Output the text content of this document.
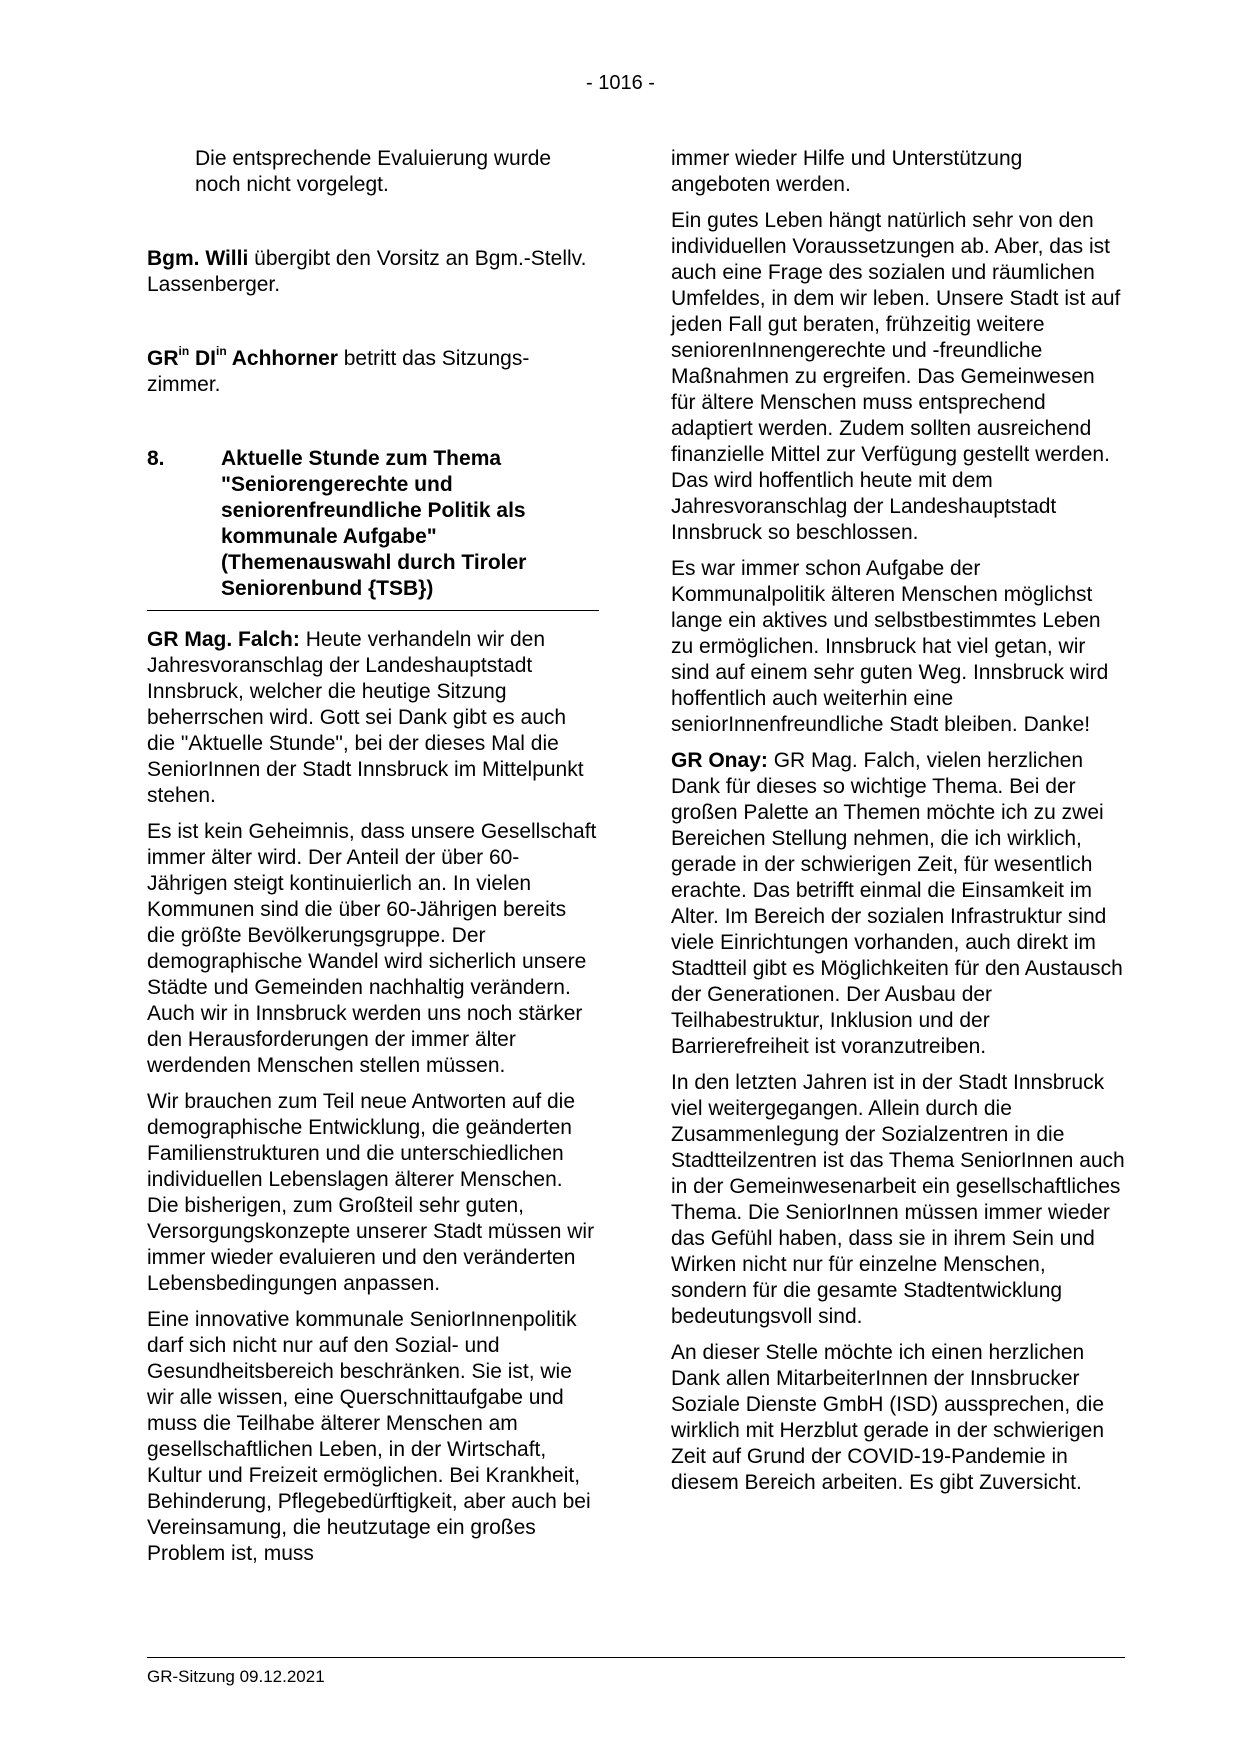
- 1016 -

Die entsprechende Evaluierung wurde noch nicht vorgelegt.

Bgm. Willi übergibt den Vorsitz an Bgm.-Stellv. Lassenberger.

$GR^{in}$ $DI^{in}$ Achhorner betritt das Sitzungs-zimmer.

8.	Aktuelle Stunde zum Thema "Seniorengerechte und seniorenfreundliche Politik als kommunale Aufgabe" (Themenauswahl durch Tiroler Seniorenbund {TSB})

GR Mag. Falch: Heute verhandeln wir den Jahresvoranschlag der Landeshauptstadt Innsbruck, welcher die heutige Sitzung beherrschen wird. Gott sei Dank gibt es auch die "Aktuelle Stunde", bei der dieses Mal die SeniorInnen der Stadt Innsbruck im Mittelpunkt stehen.

Es ist kein Geheimnis, dass unsere Gesellschaft immer älter wird. Der Anteil der über 60-Jährigen steigt kontinuierlich an. In vielen Kommunen sind die über 60-Jährigen bereits die größte Bevölkerungsgruppe. Der demographische Wandel wird sicherlich unsere Städte und Gemeinden nachhaltig verändern. Auch wir in Innsbruck werden uns noch stärker den Herausforderungen der immer älter werdenden Menschen stellen müssen.

Wir brauchen zum Teil neue Antworten auf die demographische Entwicklung, die geänderten Familienstrukturen und die unterschiedlichen individuellen Lebenslagen älterer Menschen. Die bisherigen, zum Großteil sehr guten, Versorgungskonzepte unserer Stadt müssen wir immer wieder evaluieren und den veränderten Lebensbedingungen anpassen.

Eine innovative kommunale SeniorInnenpolitik darf sich nicht nur auf den Sozial- und Gesundheitsbereich beschränken. Sie ist, wie wir alle wissen, eine Querschnittaufgabe und muss die Teilhabe älterer Menschen am gesellschaftlichen Leben, in der Wirtschaft, Kultur und Freizeit ermöglichen. Bei Krankheit, Behinderung, Pflegebedürftigkeit, aber auch bei Vereinsamung, die heutzutage ein großes Problem ist, muss

immer wieder Hilfe und Unterstützung angeboten werden.

Ein gutes Leben hängt natürlich sehr von den individuellen Voraussetzungen ab. Aber, das ist auch eine Frage des sozialen und räumlichen Umfeldes, in dem wir leben. Unsere Stadt ist auf jeden Fall gut beraten, frühzeitig weitere seniorenInnengerechte und -freundliche Maßnahmen zu ergreifen. Das Gemeinwesen für ältere Menschen muss entsprechend adaptiert werden. Zudem sollten ausreichend finanzielle Mittel zur Verfügung gestellt werden. Das wird hoffentlich heute mit dem Jahresvoranschlag der Landeshauptstadt Innsbruck so beschlossen.

Es war immer schon Aufgabe der Kommunalpolitik älteren Menschen möglichst lange ein aktives und selbstbestimmtes Leben zu ermöglichen. Innsbruck hat viel getan, wir sind auf einem sehr guten Weg. Innsbruck wird hoffentlich auch weiterhin eine seniorInnenfreundliche Stadt bleiben. Danke!

GR Onay: GR Mag. Falch, vielen herzlichen Dank für dieses so wichtige Thema. Bei der großen Palette an Themen möchte ich zu zwei Bereichen Stellung nehmen, die ich wirklich, gerade in der schwierigen Zeit, für wesentlich erachte. Das betrifft einmal die Einsamkeit im Alter. Im Bereich der sozialen Infrastruktur sind viele Einrichtungen vorhanden, auch direkt im Stadtteil gibt es Möglichkeiten für den Austausch der Generationen. Der Ausbau der Teilhabestruktur, Inklusion und der Barrierefreiheit ist voranzutreiben.

In den letzten Jahren ist in der Stadt Innsbruck viel weitergegangen. Allein durch die Zusammenlegung der Sozialzentren in die Stadtteilzentren ist das Thema SeniorInnen auch in der Gemeinwesenarbeit ein gesellschaftliches Thema. Die SeniorInnen müssen immer wieder das Gefühl haben, dass sie in ihrem Sein und Wirken nicht nur für einzelne Menschen, sondern für die gesamte Stadtentwicklung bedeutungsvoll sind.

An dieser Stelle möchte ich einen herzlichen Dank allen MitarbeiterInnen der Innsbrucker Soziale Dienste GmbH (ISD) aussprechen, die wirklich mit Herzblut gerade in der schwierigen Zeit auf Grund der COVID-19-Pandemie in diesem Bereich arbeiten. Es gibt Zuversicht.

GR-Sitzung 09.12.2021
